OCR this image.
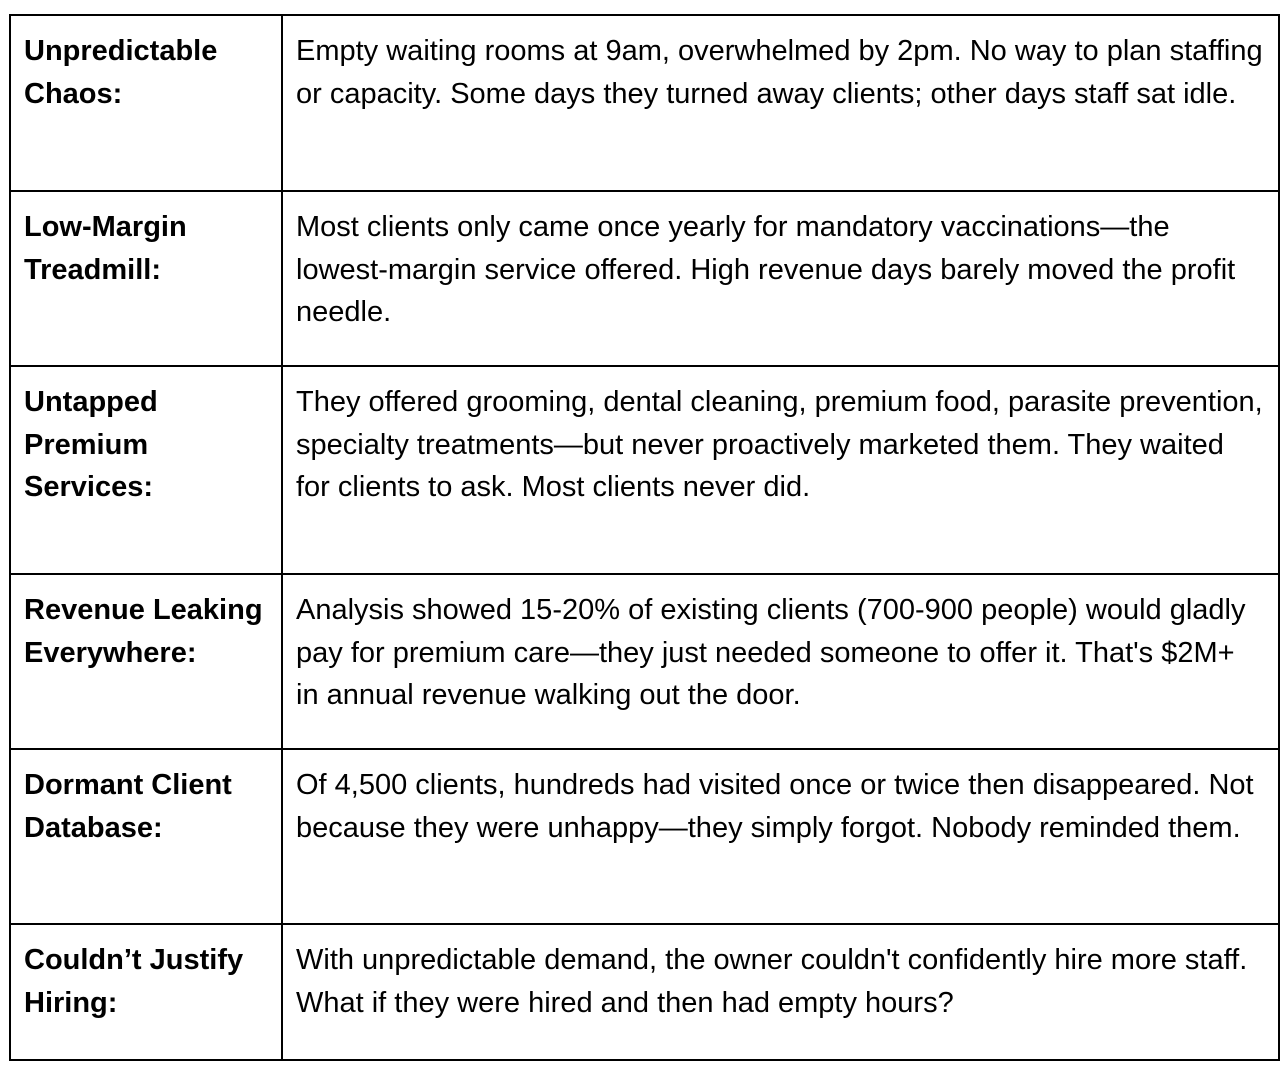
Unpredictable Chaos:	Empty waiting rooms at 9am, overwhelmed by 2pm. No way to plan staffing or capacity. Some days they turned away clients; other days staff sat idle.
Low-Margin Treadmill:	Most clients only came once yearly for mandatory vaccinations—the lowest-margin service offered. High revenue days barely moved the profit needle.
Untapped Premium Services:	They offered grooming, dental cleaning, premium food, parasite prevention, specialty treatments—but never proactively marketed them. They waited for clients to ask. Most clients never did.
Revenue Leaking Everywhere:	Analysis showed 15-20% of existing clients (700-900 people) would gladly pay for premium care—they just needed someone to offer it. That's $2M+ in annual revenue walking out the door.
Dormant Client Database:	Of 4,500 clients, hundreds had visited once or twice then disappeared. Not because they were unhappy—they simply forgot. Nobody reminded them.
Couldn’t Justify Hiring:	With unpredictable demand, the owner couldn't confidently hire more staff. What if they were hired and then had empty hours?
